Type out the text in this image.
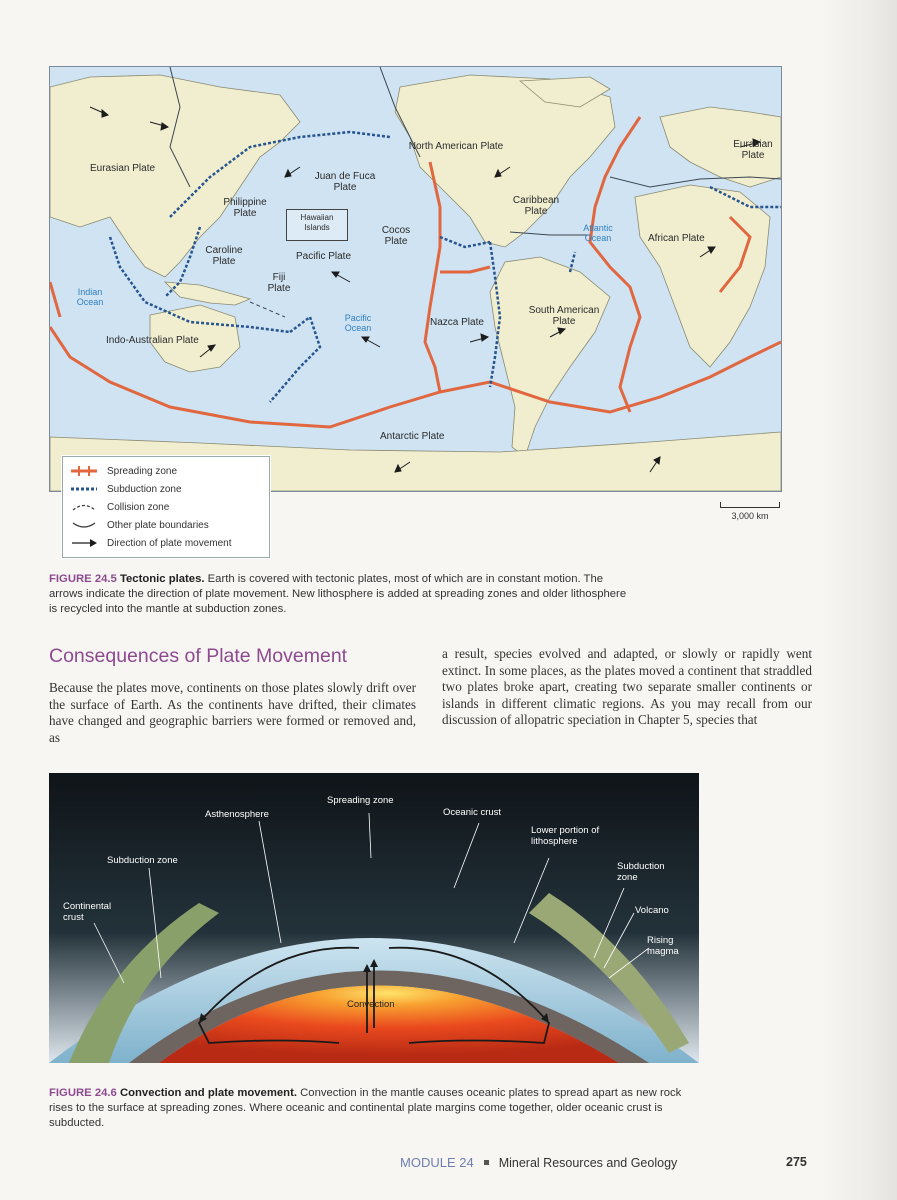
Eurasian Plate
Eurasian Plate
Philippine Plate
Caroline Plate
Fiji Plate
Juan de Fuca Plate
North American Plate
Hawaiian Islands
Pacific Plate
Cocos Plate
Caribbean Plate
Nazca Plate
South American Plate
African Plate
Indo-Australian Plate
Antarctic Plate
Indian Ocean
Pacific Ocean
Atlantic Ocean
Spreading zone
Subduction zone
Collision zone
Other plate boundaries
Direction of plate movement
3,000 km
FIGURE 24.5 Tectonic plates. Earth is covered with tectonic plates, most of which are in constant motion. The arrows indicate the direction of plate movement. New lithosphere is added at spreading zones and older lithosphere is recycled into the mantle at subduction zones.
Consequences of Plate Movement
Because the plates move, continents on those plates slowly drift over the surface of Earth. As the continents have drifted, their climates have changed and geographic barriers were formed or removed and, as
a result, species evolved and adapted, or slowly or rapidly went extinct. In some places, as the plates moved a continent that straddled two plates broke apart, creating two separate smaller continents or islands in different climatic regions. As you may recall from our discussion of allopatric speciation in Chapter 5, species that
Spreading zone
Asthenosphere	Oceanic crust
Lower portion of lithosphere
Subduction zone
Subduction zone
Continental crust
Volcano
Rising magma
Convection
FIGURE 24.6 Convection and plate movement. Convection in the mantle causes oceanic plates to spread apart as new rock rises to the surface at spreading zones. Where oceanic and continental plate margins come together, older oceanic crust is subducted.
MODULE 24 Mineral Resources and Geology	275
